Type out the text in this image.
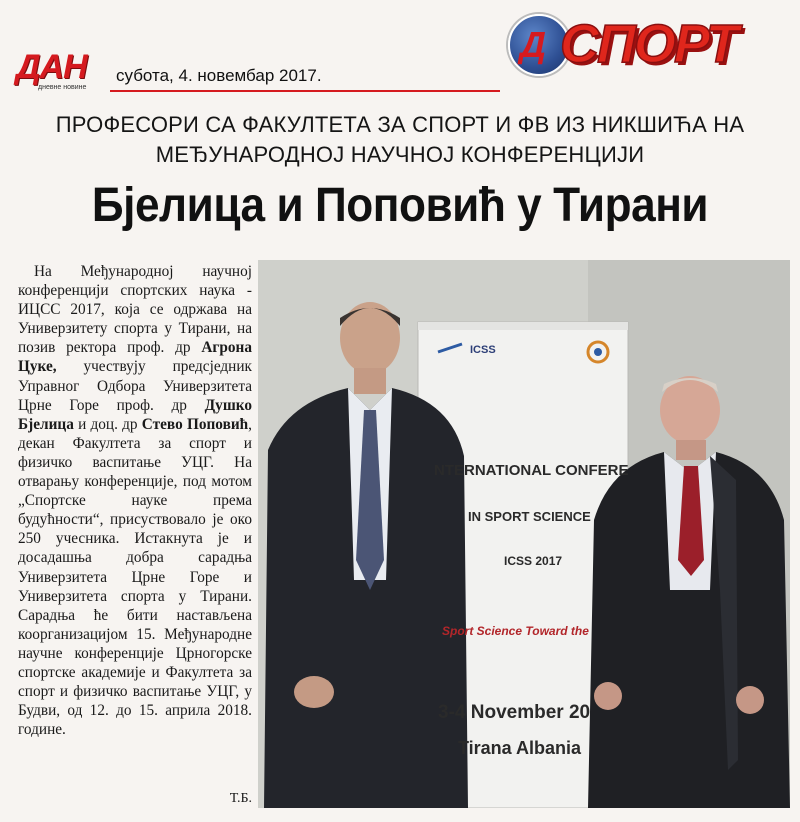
ДАН
дневне новине
субота, 4. новембар 2017.
Д СПОРТ
ПРОФЕСОРИ СА ФАКУЛТЕТА ЗА СПОРТ И ФВ ИЗ НИКШИЋА НА
МЕЂУНАРОДНОЈ НАУЧНОЈ КОНФЕРЕНЦИЈИ
Бјелица и Поповић у Тирани

На Међународној научној конференцији спортских наука - ИЦСС 2017, која се одржава на Универзитету спорта у Тирани, на позив ректора проф. др Агрона Цуке, учествују предсједник Управног Одбора Универзитета Црне Горе проф. др Душко Бјелица и доц. др Стево Поповић, декан Факултета за спорт и физичко васпитање УЦГ. На отварању конференције, под мотом „Спортске науке према будућности“, присуствовало је око 250 учесника. Истакнута је и досадашња добра сарадња Универзитета Црне Горе и Универзитета спорта у Тирани. Сарадња ће бити настављена коорганизацијом 15. Међународне научне конференције Црногорске спортске академије и Факултета за спорт и физичко васпитање УЦГ, у Будви, од 12. до 15. априла 2018. године.

Т.Б.
ICSS
NTERNATIONAL CONFERE
IN SPORT SCIENCE
ICSS 2017
Sport Science Toward the
3-4 November 20
Tirana Albania
